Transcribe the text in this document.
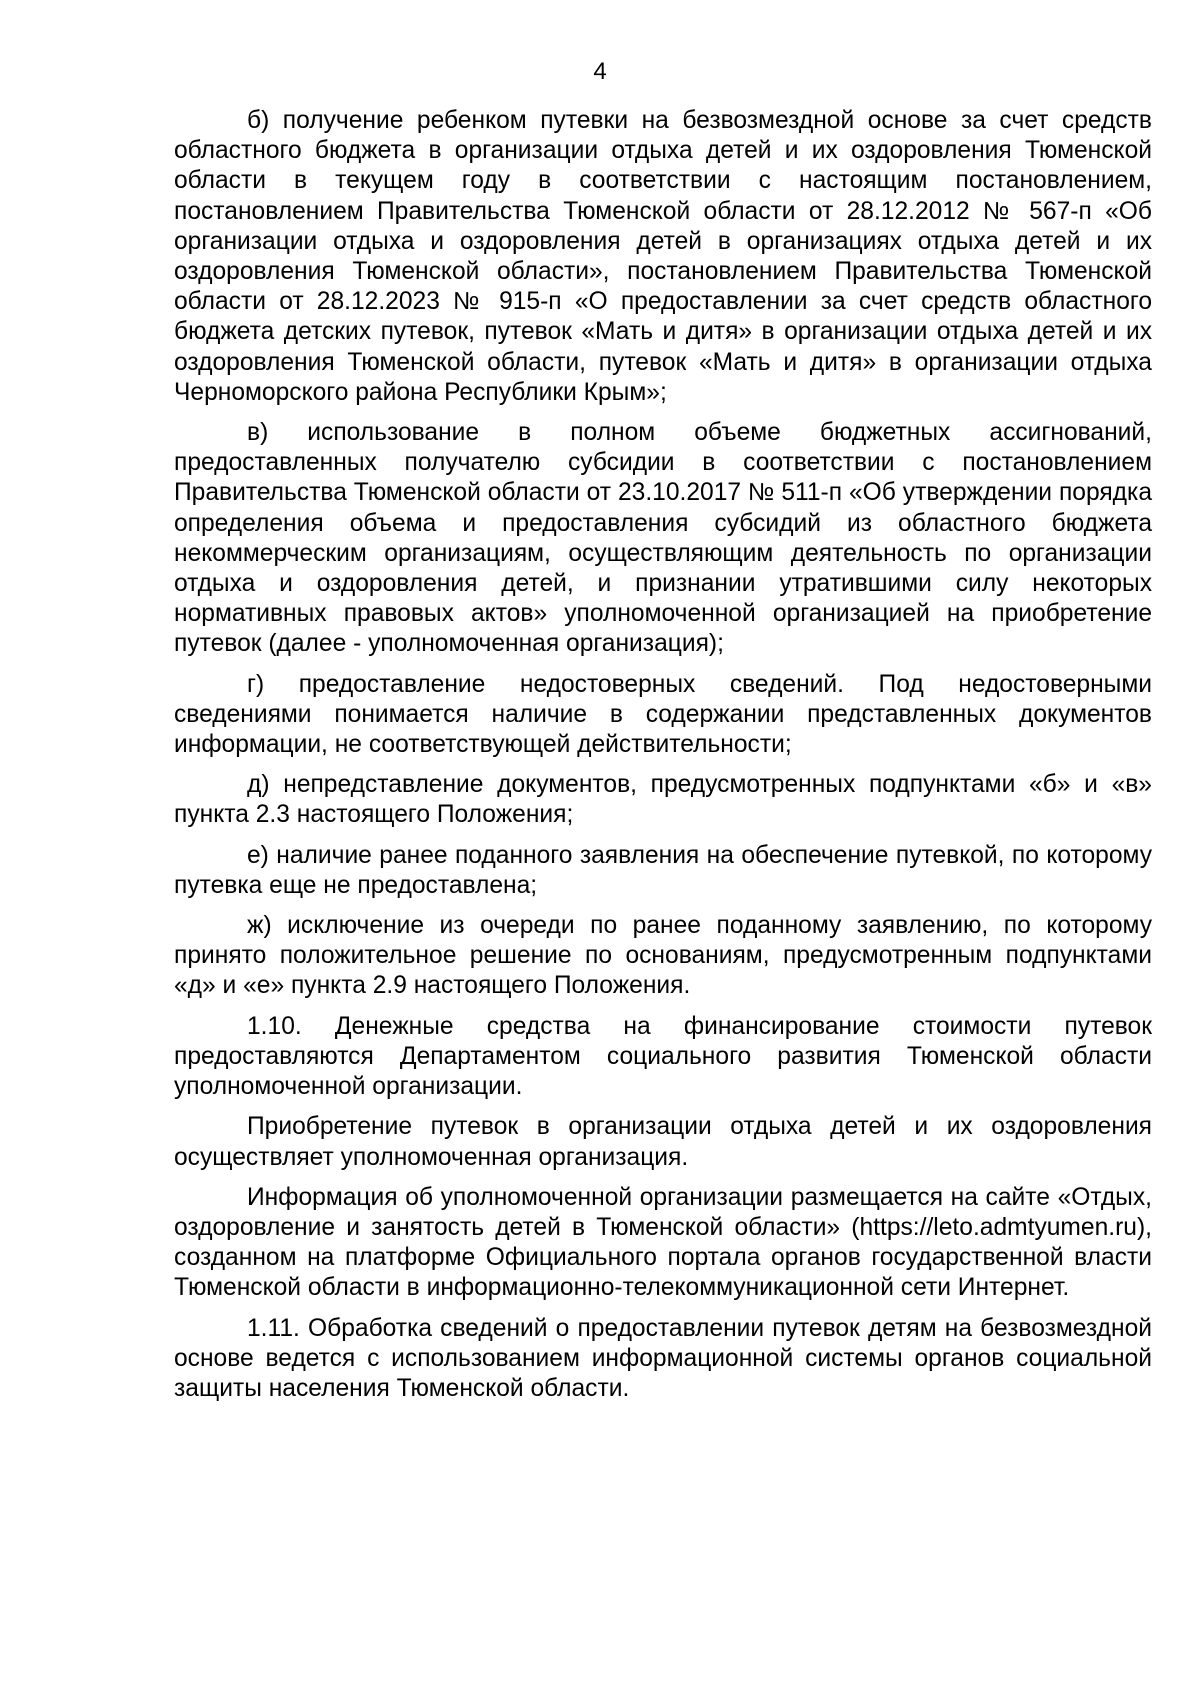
4

б) получение ребенком путевки на безвозмездной основе за счет средств областного бюджета в организации отдыха детей и их оздоровления Тюменской области в текущем году в соответствии с настоящим постановлением, постановлением Правительства Тюменской области от 28.12.2012 № 567-п «Об организации отдыха и оздоровления детей в организациях отдыха детей и их оздоровления Тюменской области», постановлением Правительства Тюменской области от 28.12.2023 № 915-п «О предоставлении за счет средств областного бюджета детских путевок, путевок «Мать и дитя» в организации отдыха детей и их оздоровления Тюменской области, путевок «Мать и дитя» в организации отдыха Черноморского района Республики Крым»;

в) использование в полном объеме бюджетных ассигнований, предоставленных получателю субсидии в соответствии с постановлением Правительства Тюменской области от 23.10.2017 № 511-п «Об утверждении порядка определения объема и предоставления субсидий из областного бюджета некоммерческим организациям, осуществляющим деятельность по организации отдыха и оздоровления детей, и признании утратившими силу некоторых нормативных правовых актов» уполномоченной организацией на приобретение путевок (далее - уполномоченная организация);

г) предоставление недостоверных сведений. Под недостоверными сведениями понимается наличие в содержании представленных документов информации, не соответствующей действительности;

д) непредставление документов, предусмотренных подпунктами «б» и «в» пункта 2.3 настоящего Положения;

е) наличие ранее поданного заявления на обеспечение путевкой, по которому путевка еще не предоставлена;

ж) исключение из очереди по ранее поданному заявлению, по которому принято положительное решение по основаниям, предусмотренным подпунктами «д» и «е» пункта 2.9 настоящего Положения.

1.10. Денежные средства на финансирование стоимости путевок предоставляются Департаментом социального развития Тюменской области уполномоченной организации.

Приобретение путевок в организации отдыха детей и их оздоровления осуществляет уполномоченная организация.

Информация об уполномоченной организации размещается на сайте «Отдых, оздоровление и занятость детей в Тюменской области» (https://leto.admtyumen.ru), созданном на платформе Официального портала органов государственной власти Тюменской области в информационно-телекоммуникационной сети Интернет.

1.11. Обработка сведений о предоставлении путевок детям на безвозмездной основе ведется с использованием информационной системы органов социальной защиты населения Тюменской области.
